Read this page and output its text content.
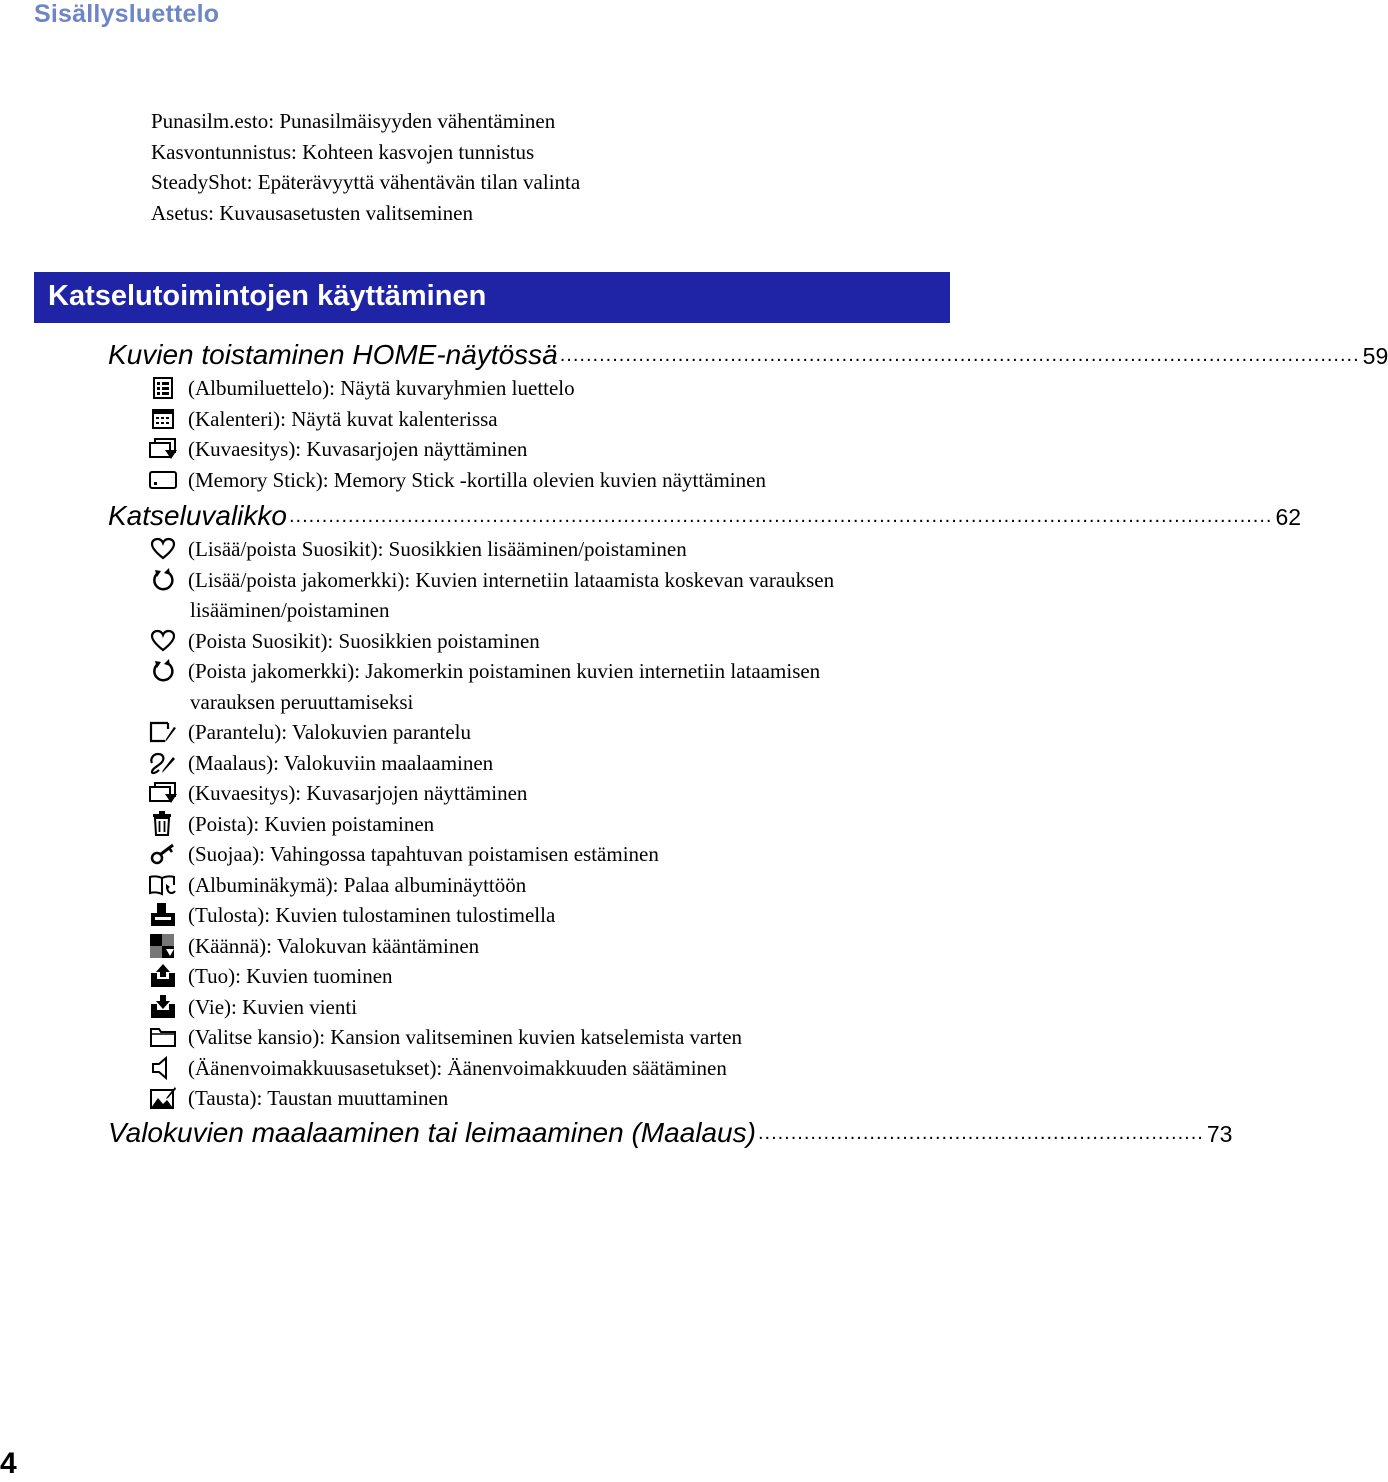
Sisällysluettelo
Punasilm.esto: Punasilmäisyyden vähentäminen
Kasvontunnistus: Kohteen kasvojen tunnistus
SteadyShot: Epäterävyyttä vähentävän tilan valinta
Asetus: Kuvausasetusten valitseminen
Katselutoimintojen käyttäminen
Kuvien toistaminen HOME-näytössä .......................................................................................................................... 59
(Albumiluettelo): Näytä kuvaryhmien luettelo
(Kalenteri): Näytä kuvat kalenterissa
(Kuvaesitys): Kuvasarjojen näyttäminen
(Memory Stick): Memory Stick -kortilla olevien kuvien näyttäminen
Katseluvalikko ...................................................................................................................................................... 62
(Lisää/poista Suosikit): Suosikkien lisääminen/poistaminen
(Lisää/poista jakomerkki): Kuvien internetiin lataamista koskevan varauksen
lisääminen/poistaminen
(Poista Suosikit): Suosikkien poistaminen
(Poista jakomerkki): Jakomerkin poistaminen kuvien internetiin lataamisen
varauksen peruuttamiseksi
(Parantelu): Valokuvien parantelu
(Maalaus): Valokuviin maalaaminen
(Kuvaesitys): Kuvasarjojen näyttäminen
(Poista): Kuvien poistaminen
(Suojaa): Vahingossa tapahtuvan poistamisen estäminen
(Albuminäkymä): Palaa albuminäyttöön
(Tulosta): Kuvien tulostaminen tulostimella
(Käännä): Valokuvan kääntäminen
(Tuo): Kuvien tuominen
(Vie): Kuvien vienti
(Valitse kansio): Kansion valitseminen kuvien katselemista varten
(Äänenvoimakkuusasetukset): Äänenvoimakkuuden säätäminen
(Tausta): Taustan muuttaminen
Valokuvien maalaaminen tai leimaaminen (Maalaus) .................................................................... 73
4
